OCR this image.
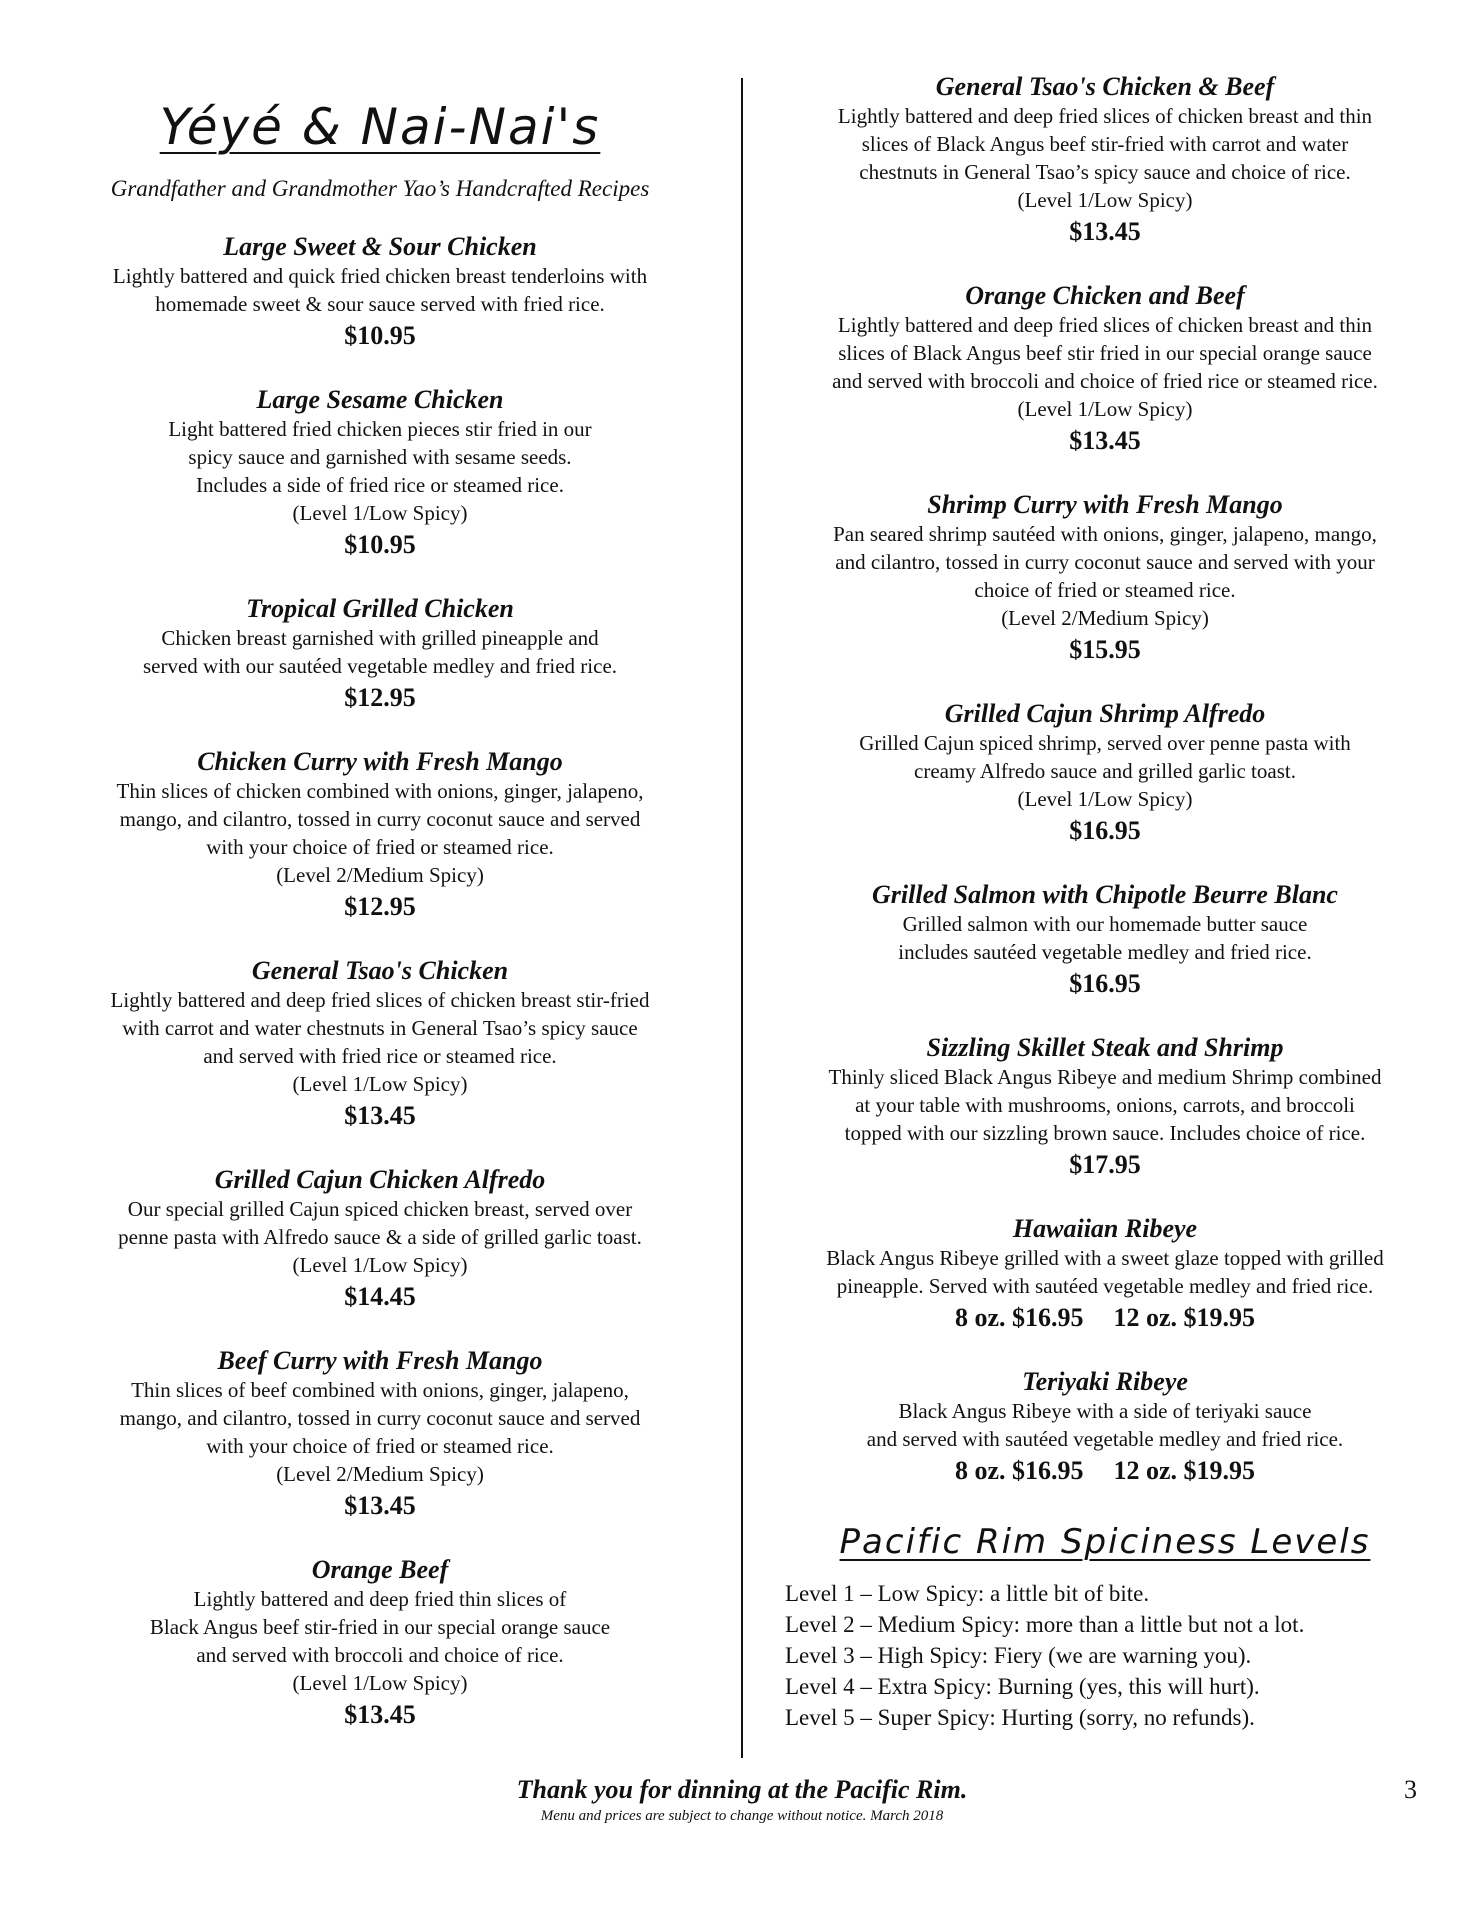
Yéyé & Nai-Nai's
Grandfather and Grandmother Yao’s Handcrafted Recipes
Large Sweet & Sour Chicken
Lightly battered and quick fried chicken breast tenderloins with
homemade sweet & sour sauce served with fried rice.
$10.95
Large Sesame Chicken
Light battered fried chicken pieces stir fried in our
spicy sauce and garnished with sesame seeds.
Includes a side of fried rice or steamed rice.
(Level 1/Low Spicy)
$10.95
Tropical Grilled Chicken
Chicken breast garnished with grilled pineapple and
served with our sautéed vegetable medley and fried rice.
$12.95
Chicken Curry with Fresh Mango
Thin slices of chicken combined with onions, ginger, jalapeno,
mango, and cilantro, tossed in curry coconut sauce and served
with your choice of fried or steamed rice.
(Level 2/Medium Spicy)
$12.95
General Tsao's Chicken
Lightly battered and deep fried slices of chicken breast stir-fried
with carrot and water chestnuts in General Tsao’s spicy sauce
and served with fried rice or steamed rice.
(Level 1/Low Spicy)
$13.45
Grilled Cajun Chicken Alfredo
Our special grilled Cajun spiced chicken breast, served over
penne pasta with Alfredo sauce & a side of grilled garlic toast.
(Level 1/Low Spicy)
$14.45
Beef Curry with Fresh Mango
Thin slices of beef combined with onions, ginger, jalapeno,
mango, and cilantro, tossed in curry coconut sauce and served
with your choice of fried or steamed rice.
(Level 2/Medium Spicy)
$13.45
Orange Beef
Lightly battered and deep fried thin slices of
Black Angus beef stir-fried in our special orange sauce
and served with broccoli and choice of rice.
(Level 1/Low Spicy)
$13.45
General Tsao's Chicken & Beef
Lightly battered and deep fried slices of chicken breast and thin
slices of Black Angus beef stir-fried with carrot and water
chestnuts in General Tsao’s spicy sauce and choice of rice.
(Level 1/Low Spicy)
$13.45
Orange Chicken and Beef
Lightly battered and deep fried slices of chicken breast and thin
slices of Black Angus beef stir fried in our special orange sauce
and served with broccoli and choice of fried rice or steamed rice.
(Level 1/Low Spicy)
$13.45
Shrimp Curry with Fresh Mango
Pan seared shrimp sautéed with onions, ginger, jalapeno, mango,
and cilantro, tossed in curry coconut sauce and served with your
choice of fried or steamed rice.
(Level 2/Medium Spicy)
$15.95
Grilled Cajun Shrimp Alfredo
Grilled Cajun spiced shrimp, served over penne pasta with
creamy Alfredo sauce and grilled garlic toast.
(Level 1/Low Spicy)
$16.95
Grilled Salmon with Chipotle Beurre Blanc
Grilled salmon with our homemade butter sauce
includes sautéed vegetable medley and fried rice.
$16.95
Sizzling Skillet Steak and Shrimp
Thinly sliced Black Angus Ribeye and medium Shrimp combined
at your table with mushrooms, onions, carrots, and broccoli
topped with our sizzling brown sauce. Includes choice of rice.
$17.95
Hawaiian Ribeye
Black Angus Ribeye grilled with a sweet glaze topped with grilled
pineapple. Served with sautéed vegetable medley and fried rice.
8 oz. $16.95 12 oz. $19.95
Teriyaki Ribeye
Black Angus Ribeye with a side of teriyaki sauce
and served with sautéed vegetable medley and fried rice.
8 oz. $16.95 12 oz. $19.95
Pacific Rim Spiciness Levels
Level 1 – Low Spicy: a little bit of bite.
Level 2 – Medium Spicy: more than a little but not a lot.
Level 3 – High Spicy: Fiery (we are warning you).
Level 4 – Extra Spicy: Burning (yes, this will hurt).
Level 5 – Super Spicy: Hurting (sorry, no refunds).
Thank you for dinning at the Pacific Rim.
Menu and prices are subject to change without notice. March 2018
3
